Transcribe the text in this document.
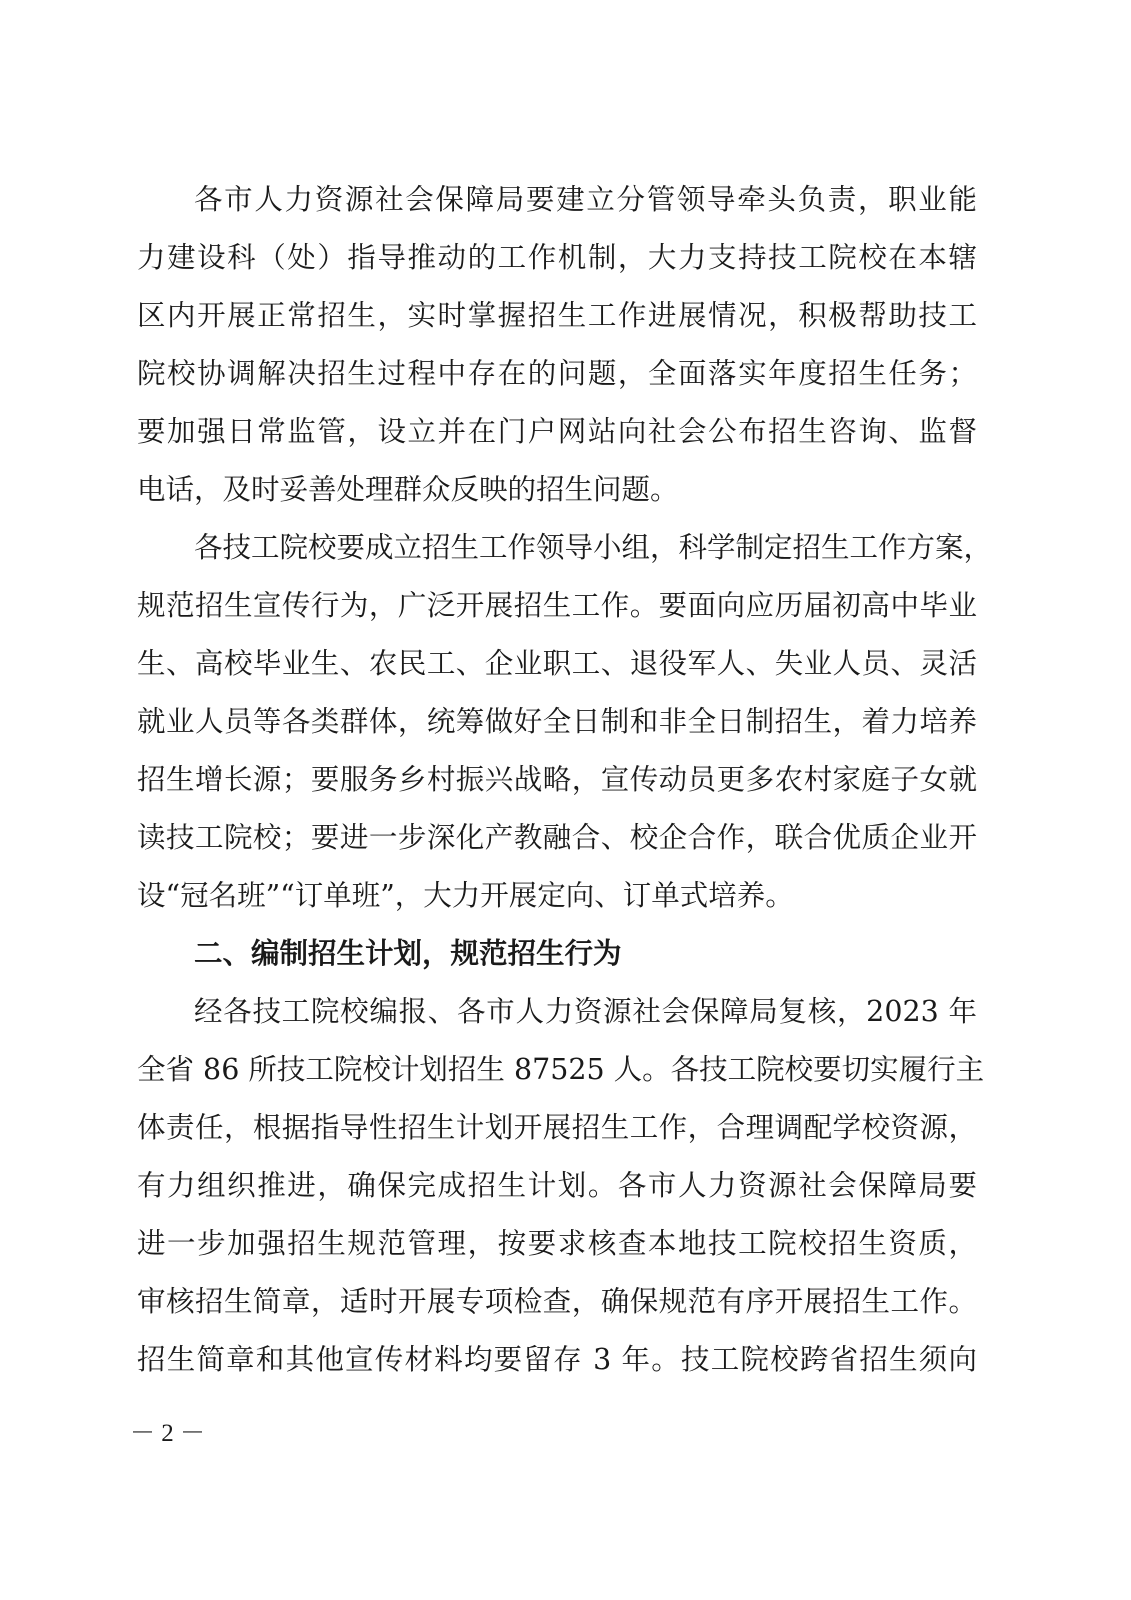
各市人力资源社会保障局要建立分管领导牵头负责，职业能
力建设科（处）指导推动的工作机制，大力支持技工院校在本辖
区内开展正常招生，实时掌握招生工作进展情况，积极帮助技工
院校协调解决招生过程中存在的问题，全面落实年度招生任务；
要加强日常监管，设立并在门户网站向社会公布招生咨询、监督
电话，及时妥善处理群众反映的招生问题。
各技工院校要成立招生工作领导小组，科学制定招生工作方案，
规范招生宣传行为，广泛开展招生工作。要面向应历届初高中毕业
生、高校毕业生、农民工、企业职工、退役军人、失业人员、灵活
就业人员等各类群体，统筹做好全日制和非全日制招生，着力培养
招生增长源；要服务乡村振兴战略，宣传动员更多农村家庭子女就
读技工院校；要进一步深化产教融合、校企合作，联合优质企业开
设“冠名班”“订单班”，大力开展定向、订单式培养。
二、编制招生计划，规范招生行为
经各技工院校编报、各市人力资源社会保障局复核，2023 年
全省 86 所技工院校计划招生 87525 人。各技工院校要切实履行主
体责任，根据指导性招生计划开展招生工作，合理调配学校资源，
有力组织推进，确保完成招生计划。各市人力资源社会保障局要
进一步加强招生规范管理，按要求核查本地技工院校招生资质，
审核招生简章，适时开展专项检查，确保规范有序开展招生工作。
招生简章和其他宣传材料均要留存 3 年。技工院校跨省招生须向
－ 2 －
